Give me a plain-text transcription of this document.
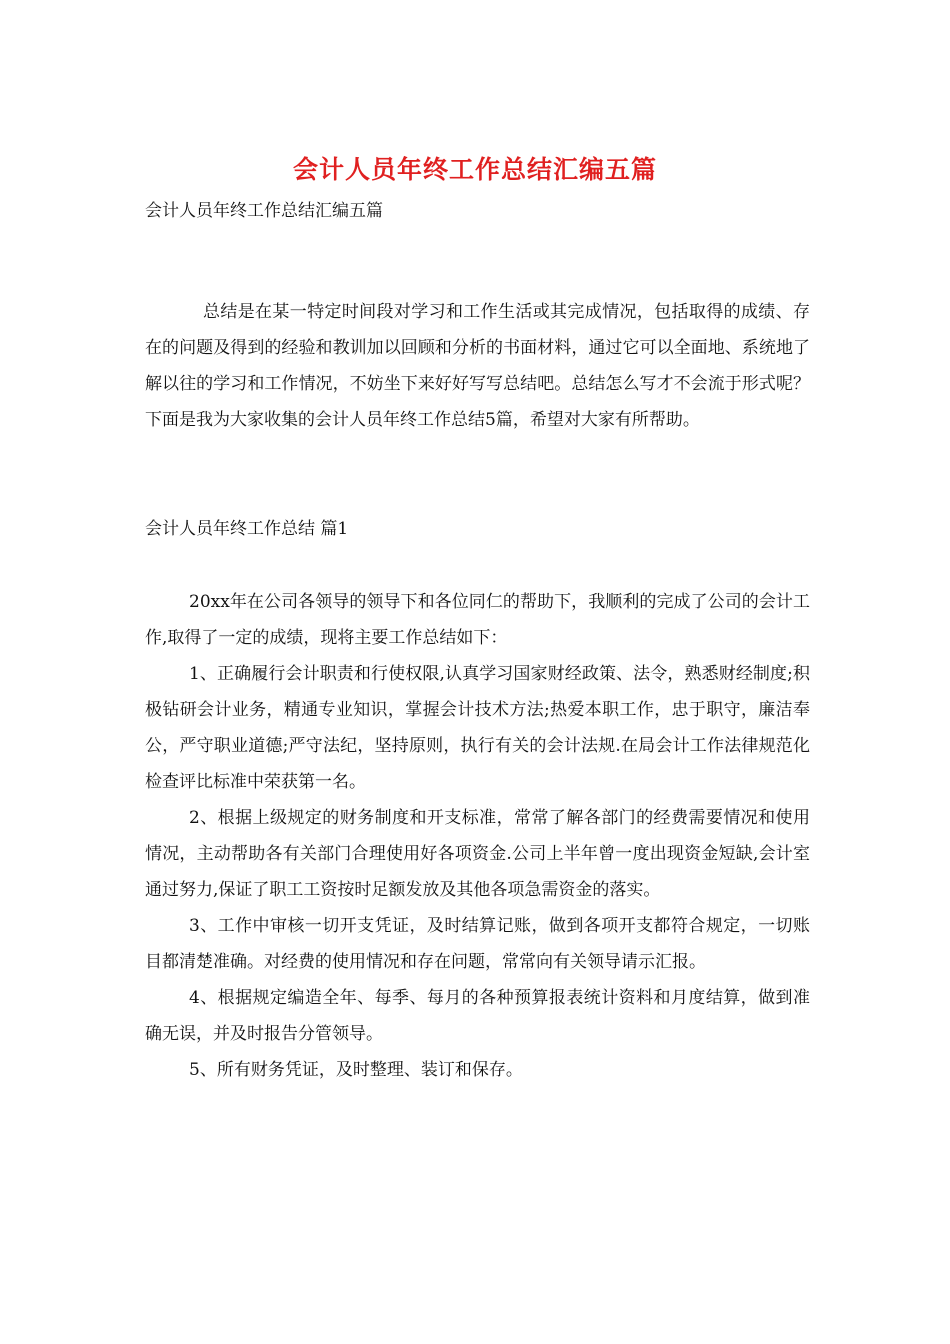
会计人员年终工作总结汇编五篇
会计人员年终工作总结汇编五篇

总结是在某一特定时间段对学习和工作生活或其完成情况，包括取得的成绩、存在的问题及得到的经验和教训加以回顾和分析的书面材料，通过它可以全面地、系统地了解以往的学习和工作情况，不妨坐下来好好写写总结吧。总结怎么写才不会流于形式呢？下面是我为大家收集的会计人员年终工作总结5篇，希望对大家有所帮助。

会计人员年终工作总结 篇1

20xx年在公司各领导的领导下和各位同仁的帮助下，我顺利的完成了公司的会计工作,取得了一定的成绩，现将主要工作总结如下：

1、正确履行会计职责和行使权限,认真学习国家财经政策、法令，熟悉财经制度;积极钻研会计业务，精通专业知识，掌握会计技术方法;热爱本职工作，忠于职守，廉洁奉公，严守职业道德;严守法纪，坚持原则，执行有关的会计法规.在局会计工作法律规范化检查评比标准中荣获第一名。

2、根据上级规定的财务制度和开支标准，常常了解各部门的经费需要情况和使用情况，主动帮助各有关部门合理使用好各项资金.公司上半年曾一度出现资金短缺,会计室通过努力,保证了职工工资按时足额发放及其他各项急需资金的落实。

3、工作中审核一切开支凭证，及时结算记账，做到各项开支都符合规定，一切账目都清楚准确。对经费的使用情况和存在问题，常常向有关领导请示汇报。

4、根据规定编造全年、每季、每月的各种预算报表统计资料和月度结算，做到准确无误，并及时报告分管领导。

5、所有财务凭证，及时整理、装订和保存。
